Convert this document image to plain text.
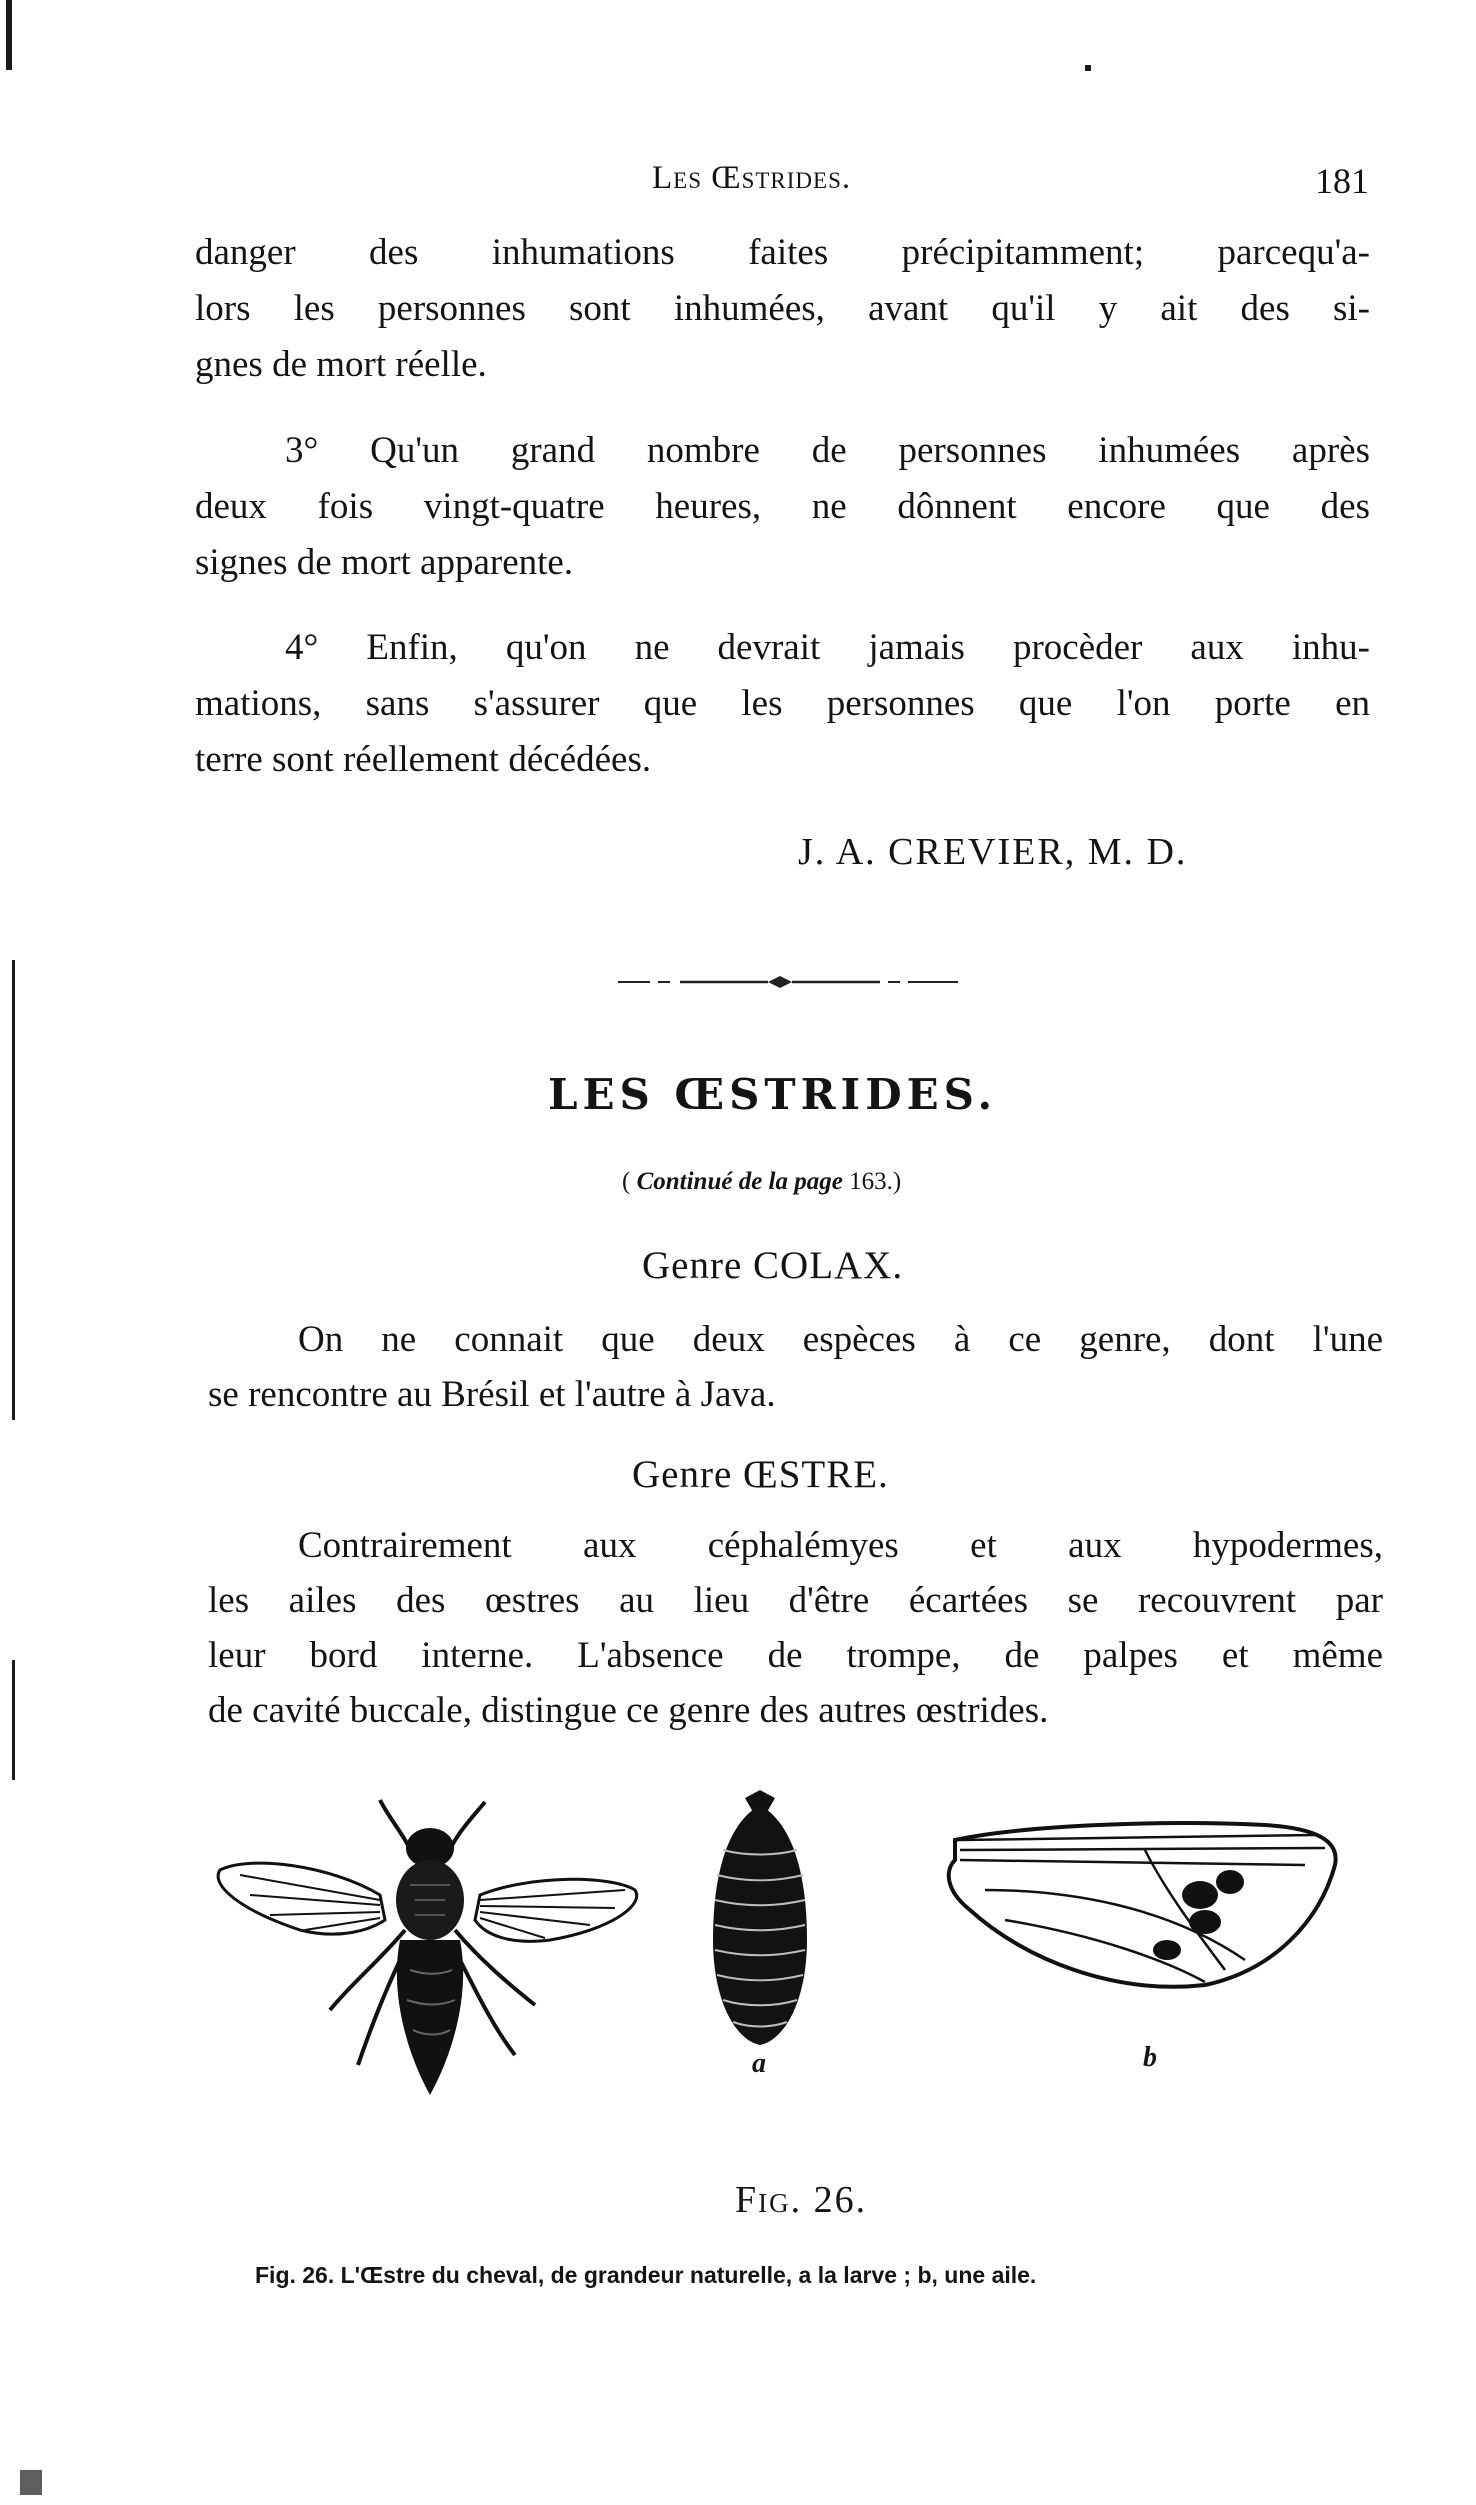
Les Œstrides.	181
danger des inhumations faites précipitamment; parcequ'a-
lors les personnes sont inhumées, avant qu'il y ait des si-
gnes de mort réelle.
3° Qu'un grand nombre de personnes inhumées après
deux fois vingt-quatre heures, ne dônnent encore que des
signes de mort apparente.
4° Enfin, qu'on ne devrait jamais procèder aux inhu-
mations, sans s'assurer que les personnes que l'on porte en
terre sont réellement décédées.
J. A. CREVIER, M. D.
LES ŒSTRIDES.
( Continué de la page 163.)
Genre COLAX.
On ne connait que deux espèces à ce genre, dont l'une
se rencontre au Brésil et l'autre à Java.
Genre ŒSTRE.
Contrairement aux céphalémyes et aux hypodermes,
les ailes des œstres au lieu d'être écartées se recouvrent par
leur bord interne. L'absence de trompe, de palpes et même
de cavité buccale, distingue ce genre des autres œstrides.
a	b
Fig. 26.
Fig. 26. L'Œstre du cheval, de grandeur naturelle, a la larve ; b, une aile.
